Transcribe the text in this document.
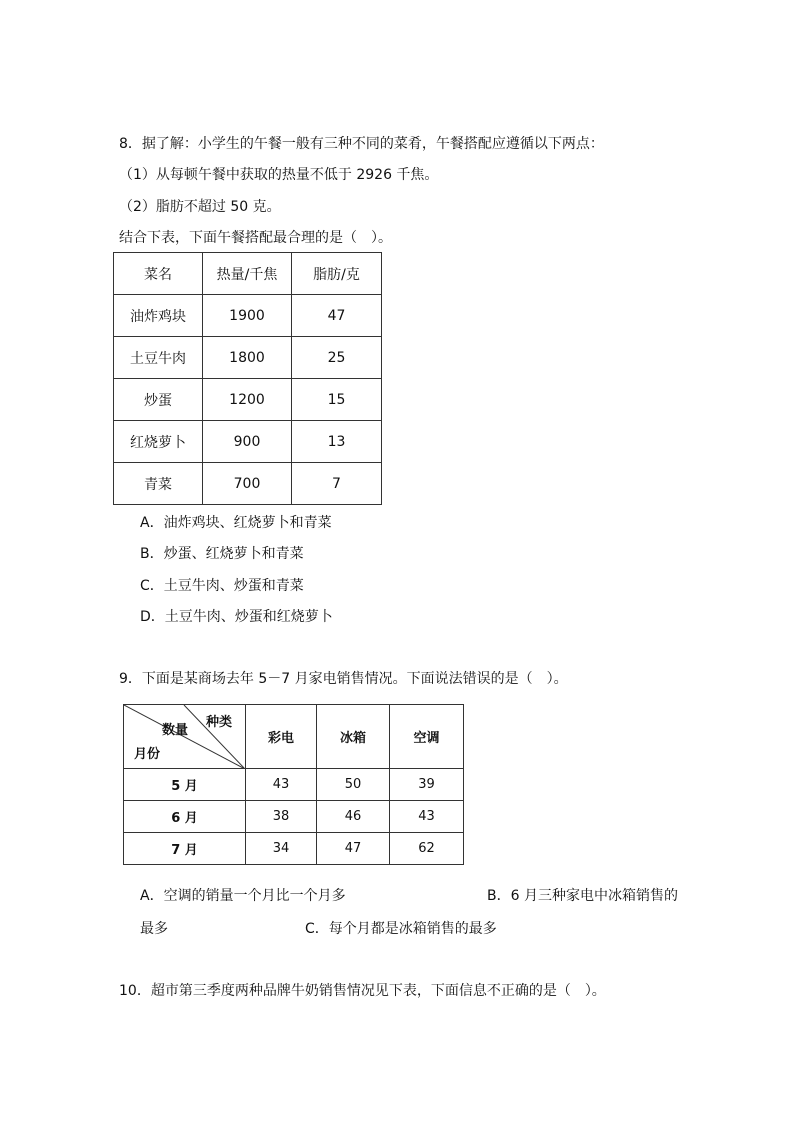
8．据了解：小学生的午餐一般有三种不同的菜肴，午餐搭配应遵循以下两点：
（1）从每顿午餐中获取的热量不低于 2926 千焦。
（2）脂肪不超过 50 克。
结合下表，下面午餐搭配最合理的是（　）。
菜名	热量/千焦	脂肪/克
油炸鸡块	1900	47
土豆牛肉	1800	25
炒蛋	1200	15
红烧萝卜	900	13
青菜	700	7
A．油炸鸡块、红烧萝卜和青菜
B．炒蛋、红烧萝卜和青菜
C．土豆牛肉、炒蛋和青菜
D．土豆牛肉、炒蛋和红烧萝卜
9．下面是某商场去年 5－7 月家电销售情况。下面说法错误的是（　）。
种类
数量
月份	彩电	冰箱	空调
5 月	43	50	39
6 月	38	46	43
7 月	34	47	62
A．空调的销量一个月比一个月多	B．6 月三种家电中冰箱销售的
最多	C．每个月都是冰箱销售的最多
10．超市第三季度两种品牌牛奶销售情况见下表，下面信息不正确的是（　）。
